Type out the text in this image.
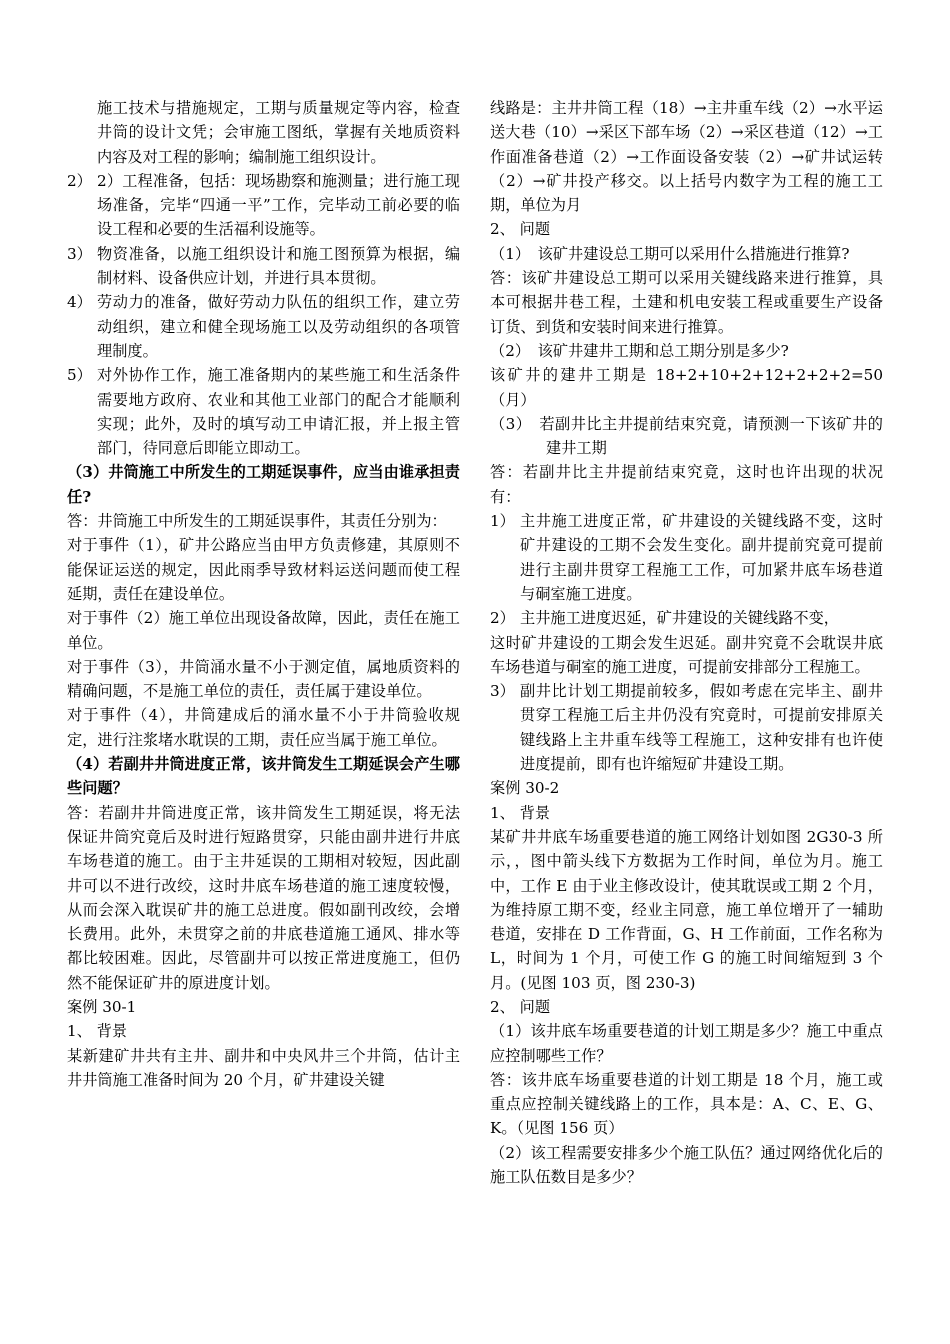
施工技术与措施规定，工期与质量规定等内容，检查井筒的设计文凭；会审施工图纸，掌握有关地质资料内容及对工程的影响；编制施工组织设计。

2） 2）工程准备，包括：现场勘察和施测量；进行施工现场准备，完毕“四通一平”工作，完毕动工前必要的临设工程和必要的生活福利设施等。
3） 物资准备，以施工组织设计和施工图预算为根据，编制材料、设备供应计划，并进行具本贯彻。
4） 劳动力的准备，做好劳动力队伍的组织工作，建立劳动组织，建立和健全现场施工以及劳动组织的各项管理制度。
5） 对外协作工作，施工准备期内的某些施工和生活条件需要地方政府、农业和其他工业部门的配合才能顺利实现；此外，及时的填写动工申请汇报，并上报主管部门，待同意后即能立即动工。

（3）井筒施工中所发生的工期延误事件，应当由谁承担责任?

答：井筒施工中所发生的工期延误事件，其责任分别为：

对于事件（1），矿井公路应当由甲方负责修建，其原则不能保证运送的规定，因此雨季导致材料运送问题而使工程延期，责任在建设单位。

对于事件（2）施工单位出现设备故障，因此，责任在施工单位。

对于事件（3），井筒涌水量不小于测定值，属地质资料的精确问题，不是施工单位的责任，责任属于建设单位。

对于事件（4），井筒建成后的涌水量不小于井筒验收规定，进行注浆堵水耽误的工期，责任应当属于施工单位。

（4）若副井井筒进度正常，该井筒发生工期延误会产生哪些问题？

答：若副井井筒进度正常，该井筒发生工期延误，将无法保证井筒究竟后及时进行短路贯穿，只能由副井进行井底车场巷道的施工。由于主井延误的工期相对较短，因此副井可以不进行改绞，这时井底车场巷道的施工速度较慢，从而会深入耽误矿井的施工总进度。假如副刊改绞，会增长费用。此外，未贯穿之前的井底巷道施工通风、排水等都比较困难。因此，尽管副井可以按正常进度施工，但仍然不能保证矿井的原进度计划。

案例 30-1

1、 背景

某新建矿井共有主井、副井和中央风井三个井筒，估计主井井筒施工准备时间为 20 个月，矿井建设关键

线路是：主井井筒工程（18）→主井重车线（2）→水平运送大巷（10）→采区下部车场（2）→采区巷道（12）→工作面准备巷道（2）→工作面设备安装（2）→矿井试运转（2）→矿井投产移交。以上括号内数字为工程的施工工期，单位为月

2、 问题

（1）　该矿井建设总工期可以采用什么措施进行推算?

答：该矿井建设总工期可以采用关键线路来进行推算，具本可根据井巷工程，土建和机电安装工程或重要生产设备订货、到货和安装时间来进行推算。

（2）　该矿井建井工期和总工期分别是多少?

该矿井的建井工期是 18+2+10+2+12+2+2+2=50（月）

（3）　若副井比主井提前结束究竟，请预测一下该矿井的建井工期

答：若副井比主井提前结束究竟，这时也许出现的状况有：

1） 主井施工进度正常，矿井建设的关键线路不变，这时矿井建设的工期不会发生变化。副井提前究竟可提前进行主副井贯穿工程施工工作，可加紧井底车场巷道与硐室施工进度。
2） 主井施工进度迟延，矿井建设的关键线路不变，

这时矿井建设的工期会发生迟延。副井究竟不会耽误井底车场巷道与硐室的施工进度，可提前安排部分工程施工。

3） 副井比计划工期提前较多，假如考虑在完毕主、副井贯穿工程施工后主井仍没有究竟时，可提前安排原关键线路上主井重车线等工程施工，这种安排有也许使进度提前，即有也许缩短矿井建设工期。

案例 30-2

1、 背景

某矿井井底车场重要巷道的施工网络计划如图 2G30-3 所示，，图中箭头线下方数据为工作时间，单位为月。施工中，工作 E 由于业主修改设计，使其耽误或工期 2 个月，为维持原工期不变，经业主同意，施工单位增开了一辅助巷道，安排在 D 工作背面，G、H 工作前面，工作名称为 L，时间为 1 个月，可使工作 G 的施工时间缩短到 3 个月。(见图 103 页，图 230-3)

2、 问题

（1）该井底车场重要巷道的计划工期是多少？施工中重点应控制哪些工作？

答：该井底车场重要巷道的计划工期是 18 个月，施工或重点应控制关键线路上的工作，具本是：A、C、E、G、K。（见图 156 页）

（2）该工程需要安排多少个施工队伍？通过网络优化后的施工队伍数目是多少？
